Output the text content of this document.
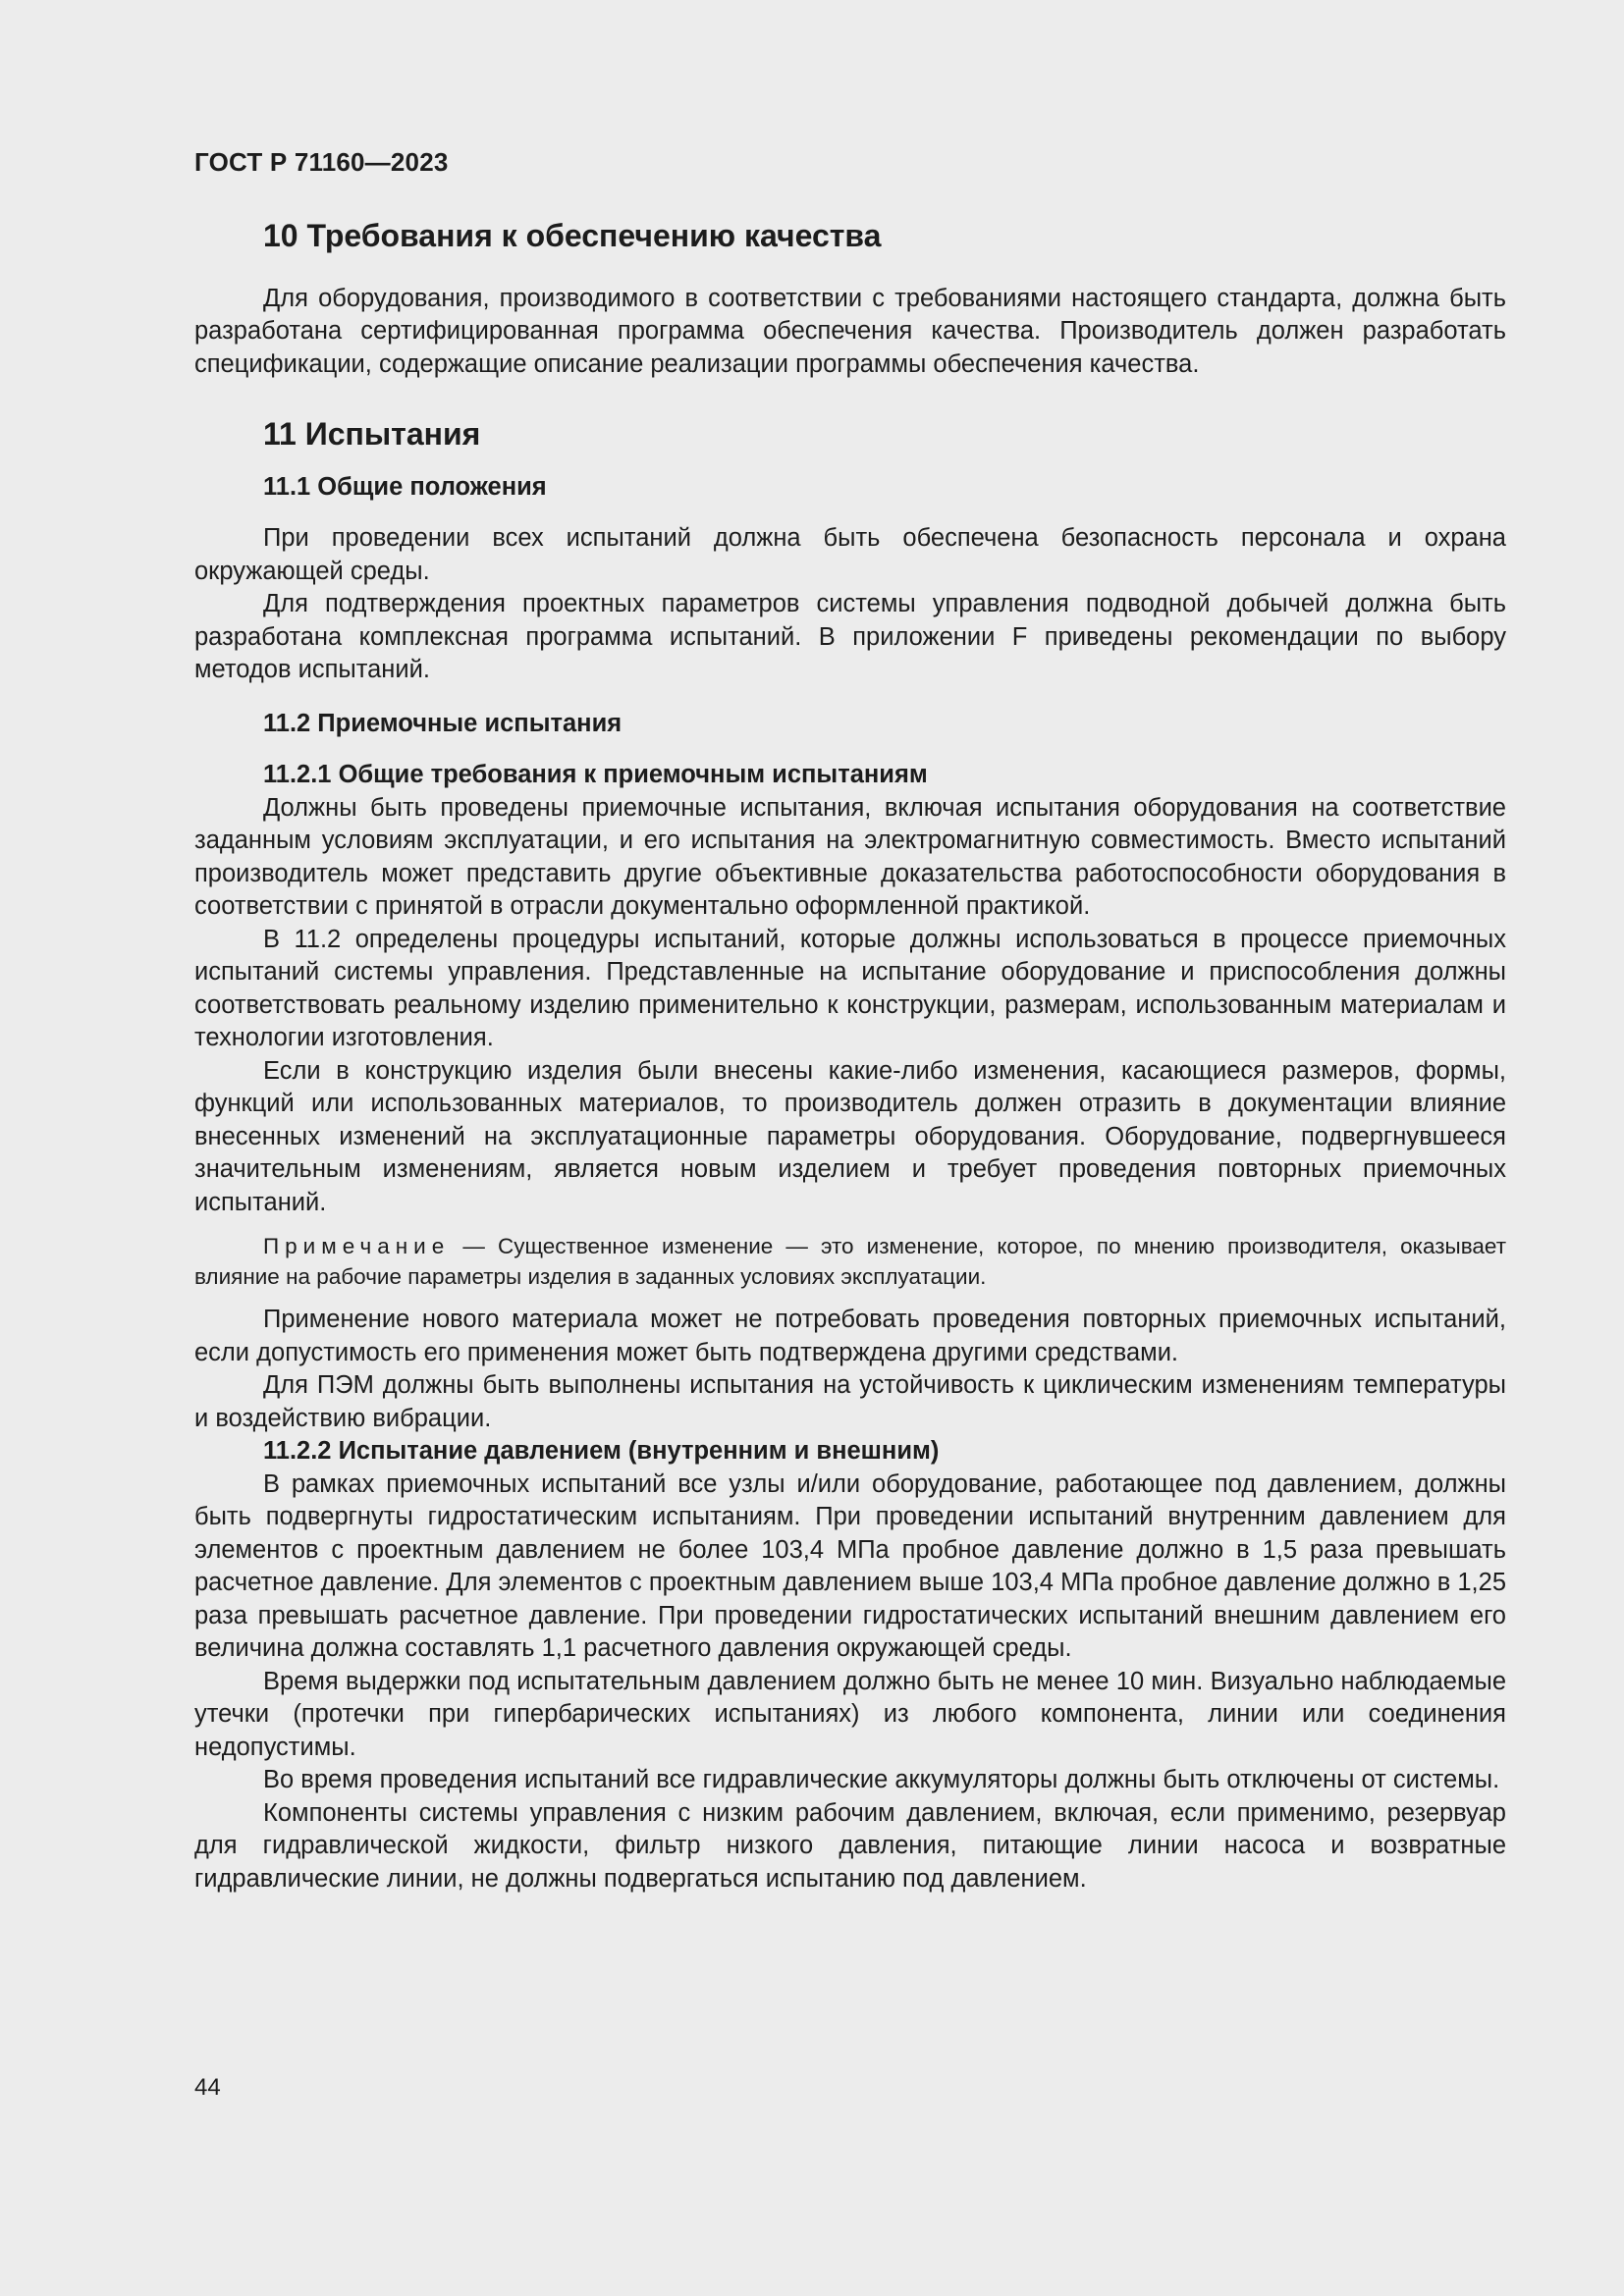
ГОСТ Р 71160—2023

10 Требования к обеспечению качества

Для оборудования, производимого в соответствии с требованиями настоящего стандарта, должна быть разработана сертифицированная программа обеспечения качества. Производитель должен разработать спецификации, содержащие описание реализации программы обеспечения качества.

11 Испытания

11.1 Общие положения

При проведении всех испытаний должна быть обеспечена безопасность персонала и охрана окружающей среды.

Для подтверждения проектных параметров системы управления подводной добычей должна быть разработана комплексная программа испытаний. В приложении F приведены рекомендации по выбору методов испытаний.

11.2 Приемочные испытания

11.2.1 Общие требования к приемочным испытаниям

Должны быть проведены приемочные испытания, включая испытания оборудования на соответствие заданным условиям эксплуатации, и его испытания на электромагнитную совместимость. Вместо испытаний производитель может представить другие объективные доказательства работоспособности оборудования в соответствии с принятой в отрасли документально оформленной практикой.

В 11.2 определены процедуры испытаний, которые должны использоваться в процессе приемочных испытаний системы управления. Представленные на испытание оборудование и приспособления должны соответствовать реальному изделию применительно к конструкции, размерам, использованным материалам и технологии изготовления.

Если в конструкцию изделия были внесены какие-либо изменения, касающиеся размеров, формы, функций или использованных материалов, то производитель должен отразить в документации влияние внесенных изменений на эксплуатационные параметры оборудования. Оборудование, подвергнувшееся значительным изменениям, является новым изделием и требует проведения повторных приемочных испытаний.

Примечание — Существенное изменение — это изменение, которое, по мнению производителя, оказывает влияние на рабочие параметры изделия в заданных условиях эксплуатации.

Применение нового материала может не потребовать проведения повторных приемочных испытаний, если допустимость его применения может быть подтверждена другими средствами.

Для ПЭМ должны быть выполнены испытания на устойчивость к циклическим изменениям температуры и воздействию вибрации.

11.2.2 Испытание давлением (внутренним и внешним)

В рамках приемочных испытаний все узлы и/или оборудование, работающее под давлением, должны быть подвергнуты гидростатическим испытаниям. При проведении испытаний внутренним давлением для элементов с проектным давлением не более 103,4 МПа пробное давление должно в 1,5 раза превышать расчетное давление. Для элементов с проектным давлением выше 103,4 МПа пробное давление должно в 1,25 раза превышать расчетное давление. При проведении гидростатических испытаний внешним давлением его величина должна составлять 1,1 расчетного давления окружающей среды.

Время выдержки под испытательным давлением должно быть не менее 10 мин. Визуально наблюдаемые утечки (протечки при гипербарических испытаниях) из любого компонента, линии или соединения недопустимы.

Во время проведения испытаний все гидравлические аккумуляторы должны быть отключены от системы.

Компоненты системы управления с низким рабочим давлением, включая, если применимо, резервуар для гидравлической жидкости, фильтр низкого давления, питающие линии насоса и возвратные гидравлические линии, не должны подвергаться испытанию под давлением.

44
